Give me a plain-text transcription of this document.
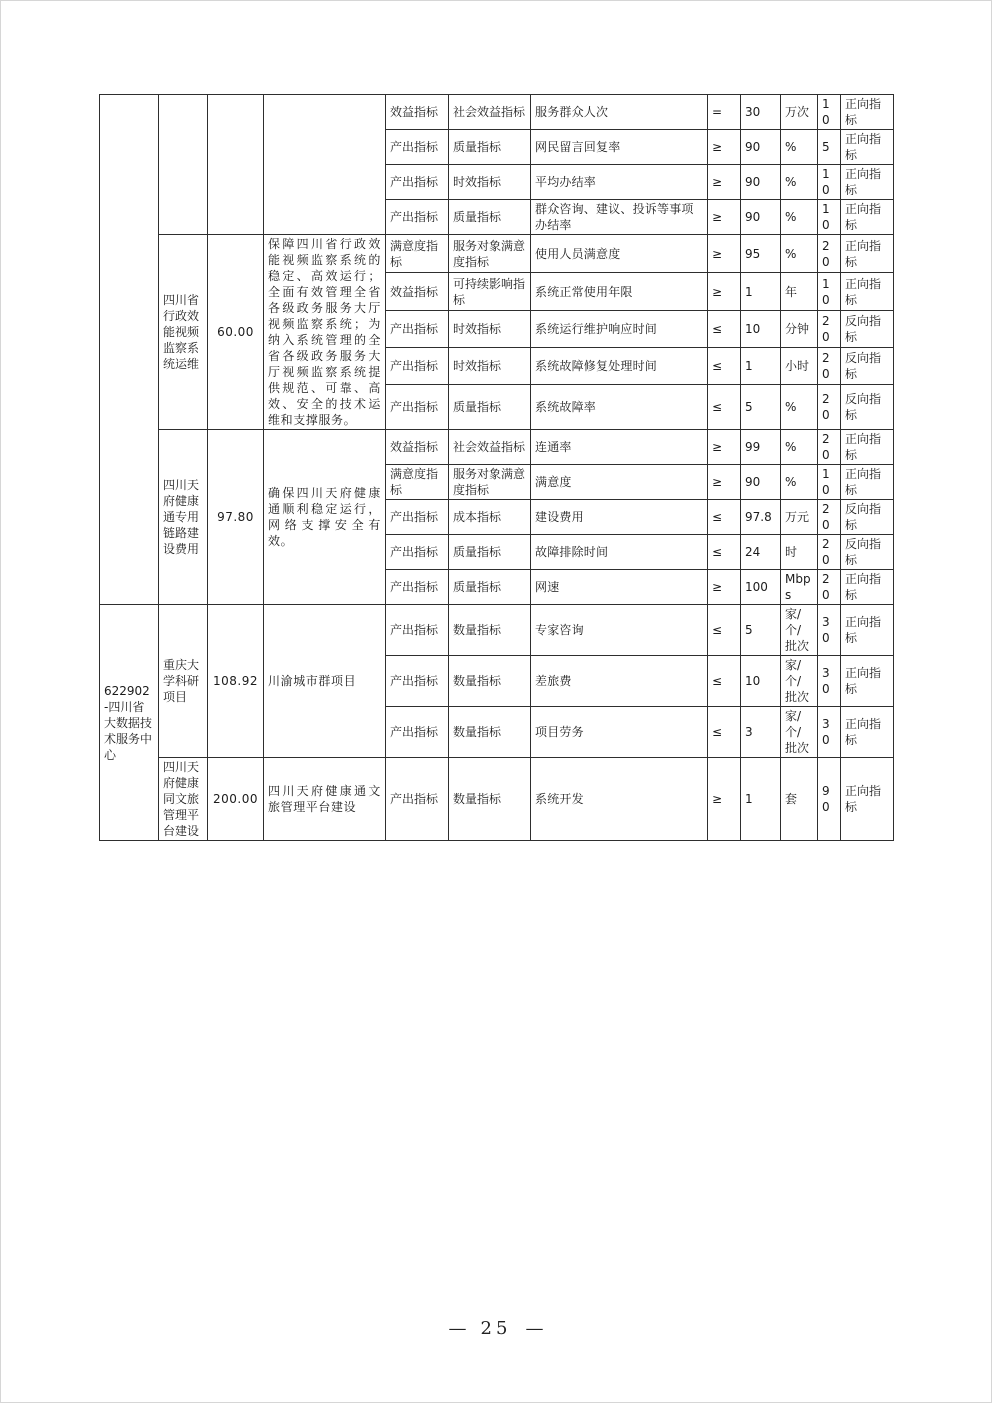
				效益指标	社会效益指标	服务群众人次	=	30	万次	10	正向指标
				产出指标	质量指标	网民留言回复率	≥	90	%	5	正向指标
				产出指标	时效指标	平均办结率	≥	90	%	10	正向指标
				产出指标	质量指标	群众咨询、建议、投诉等事项办结率	≥	90	%	10	正向指标
	四川省行政效能视频监察系统运维	60.00	保障四川省行政效能视频监察系统的稳定、高效运行；全面有效管理全省各级政务服务大厅视频监察系统；为纳入系统管理的全省各级政务服务大厅视频监察系统提供规范、可靠、高效、安全的技术运维和支撑服务。	满意度指标	服务对象满意度指标	使用人员满意度	≥	95	%	20	正向指标
				效益指标	可持续影响指标	系统正常使用年限	≥	1	年	10	正向指标
				产出指标	时效指标	系统运行维护响应时间	≤	10	分钟	20	反向指标
				产出指标	时效指标	系统故障修复处理时间	≤	1	小时	20	反向指标
				产出指标	质量指标	系统故障率	≤	5	%	20	反向指标
	四川天府健康通专用链路建设费用	97.80	确保四川天府健康通顺利稳定运行，网络支撑安全有效。	效益指标	社会效益指标	连通率	≥	99	%	20	正向指标
				满意度指标	服务对象满意度指标	满意度	≥	90	%	10	正向指标
				产出指标	成本指标	建设费用	≤	97.8	万元	20	反向指标
				产出指标	质量指标	故障排除时间	≤	24	时	20	反向指标
				产出指标	质量指标	网速	≥	100	Mbps	20	正向指标
622902-四川省大数据技术服务中心	重庆大学科研项目	108.92	川渝城市群项目	产出指标	数量指标	专家咨询	≤	5	家/个/批次	30	正向指标
				产出指标	数量指标	差旅费	≤	10	家/个/批次	30	正向指标
				产出指标	数量指标	项目劳务	≤	3	家/个/批次	30	正向指标
	四川天府健康同文旅管理平台建设	200.00	四川天府健康通文旅管理平台建设	产出指标	数量指标	系统开发	≥	1	套	90	正向指标
— 25 —
